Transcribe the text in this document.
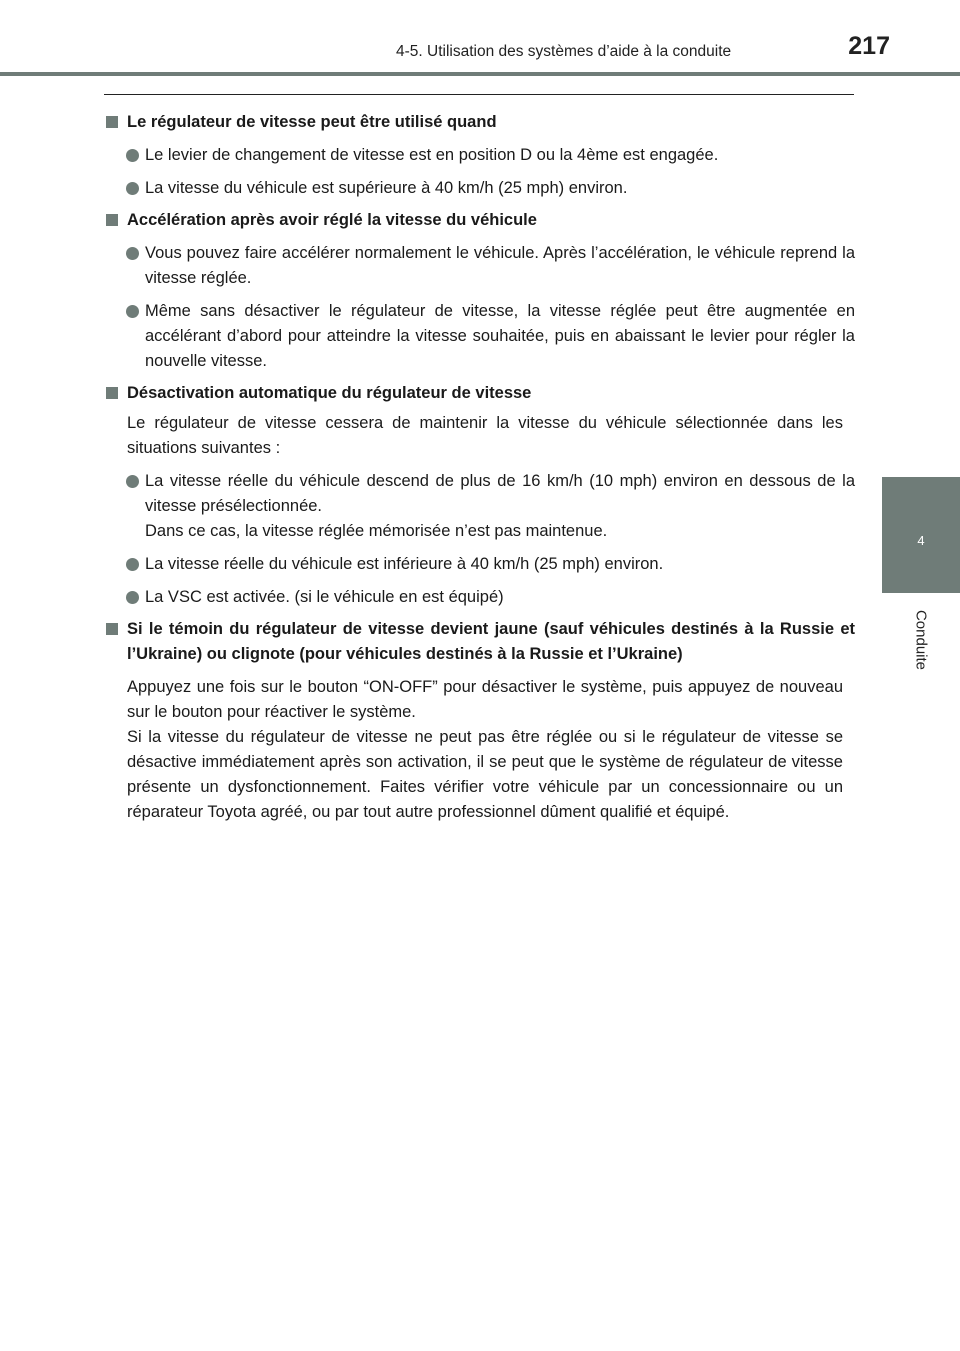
4-5. Utilisation des systèmes d’aide à la conduite	217
4
Conduite
Le régulateur de vitesse peut être utilisé quand
Le levier de changement de vitesse est en position D ou la 4ème est engagée.
La vitesse du véhicule est supérieure à 40 km/h (25 mph) environ.
Accélération après avoir réglé la vitesse du véhicule
Vous pouvez faire accélérer normalement le véhicule. Après l’accélération, le véhicule reprend la vitesse réglée.
Même sans désactiver le régulateur de vitesse, la vitesse réglée peut être augmentée en accélérant d’abord pour atteindre la vitesse souhaitée, puis en abaissant le levier pour régler la nouvelle vitesse.
Désactivation automatique du régulateur de vitesse
Le régulateur de vitesse cessera de maintenir la vitesse du véhicule sélectionnée dans les situations suivantes :
La vitesse réelle du véhicule descend de plus de 16 km/h (10 mph) environ en dessous de la vitesse présélectionnée.
Dans ce cas, la vitesse réglée mémorisée n’est pas maintenue.
La vitesse réelle du véhicule est inférieure à 40 km/h (25 mph) environ.
La VSC est activée. (si le véhicule en est équipé)
Si le témoin du régulateur de vitesse devient jaune (sauf véhicules destinés à la Russie et l’Ukraine) ou clignote (pour véhicules destinés à la Russie et l’Ukraine)
Appuyez une fois sur le bouton “ON-OFF” pour désactiver le système, puis appuyez de nouveau sur le bouton pour réactiver le système.
Si la vitesse du régulateur de vitesse ne peut pas être réglée ou si le régulateur de vitesse se désactive immédiatement après son activation, il se peut que le système de régulateur de vitesse présente un dysfonctionnement. Faites vérifier votre véhicule par un concessionnaire ou un réparateur Toyota agréé, ou par tout autre professionnel dûment qualifié et équipé.
